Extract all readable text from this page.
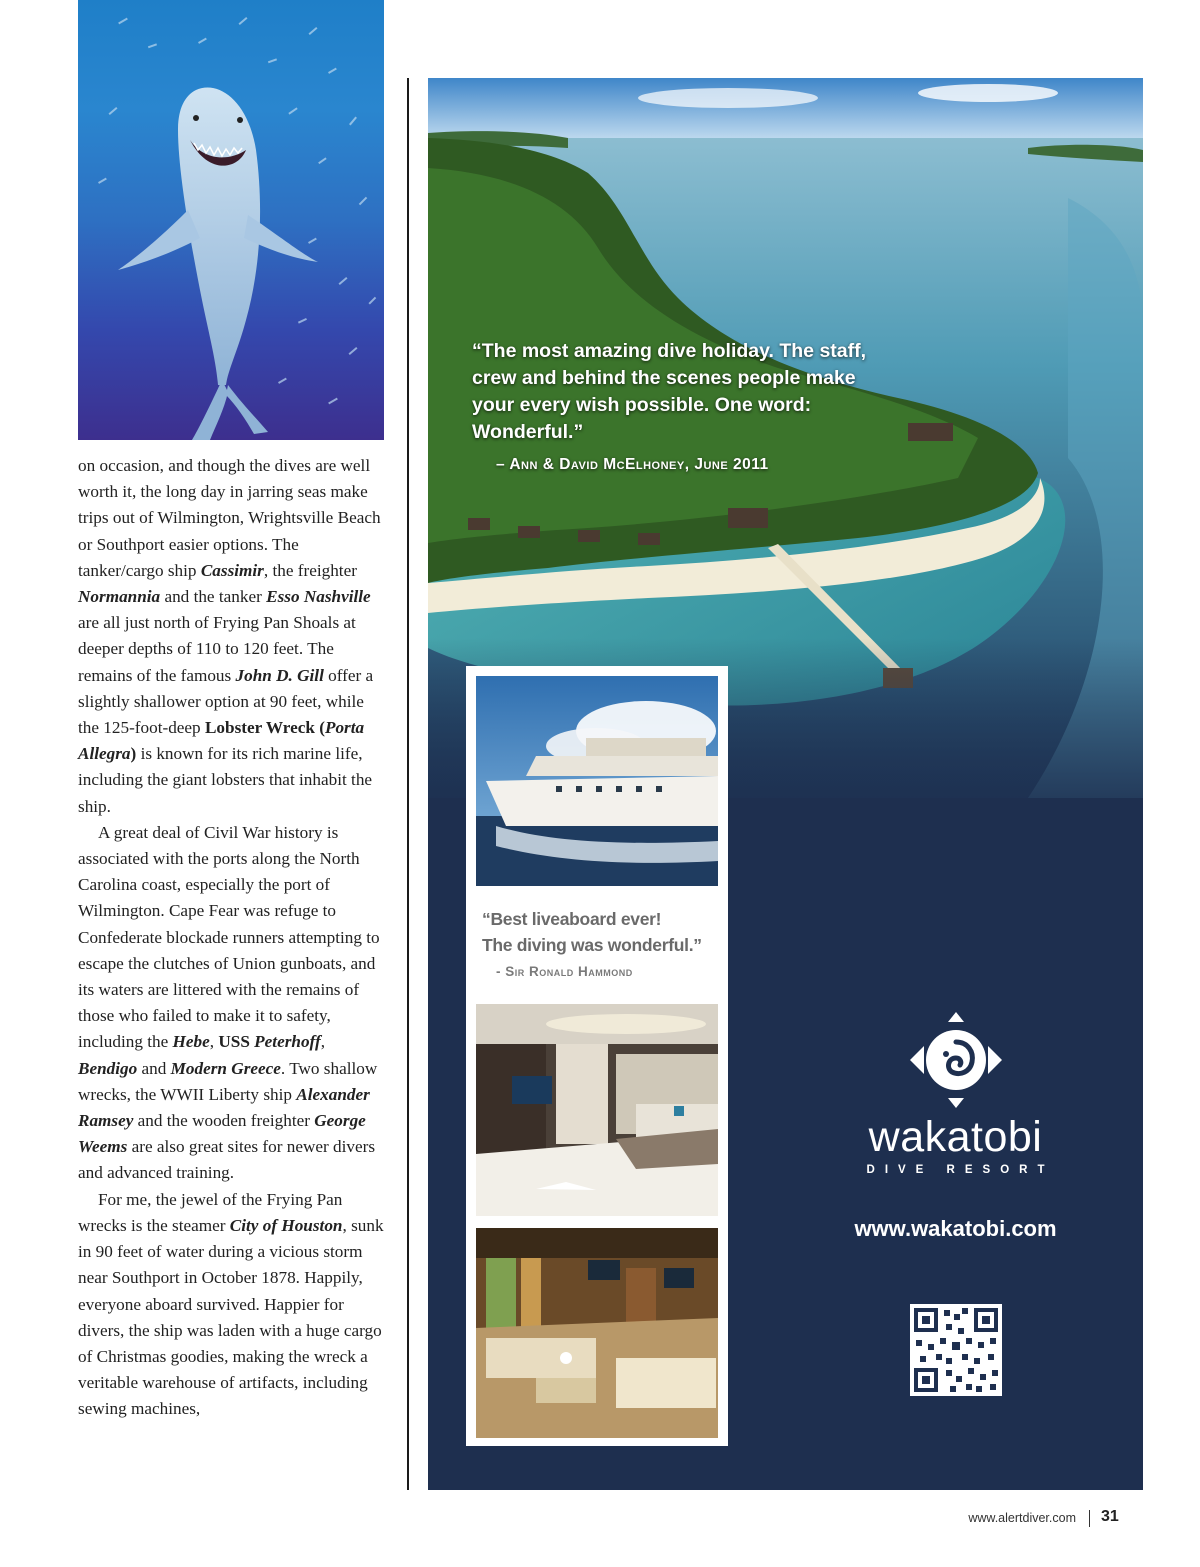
on occasion, and though the dives are well worth it, the long day in jarring seas make trips out of Wilmington, Wrightsville Beach or Southport easier options. The tanker/cargo ship Cassimir, the freighter Normannia and the tanker Esso Nashville are all just north of Frying Pan Shoals at deeper depths of 110 to 120 feet. The remains of the famous John D. Gill offer a slightly shallower option at 90 feet, while the 125-foot-deep Lobster Wreck (Porta Allegra) is known for its rich marine life, including the giant lobsters that inhabit the ship.

A great deal of Civil War history is associated with the ports along the North Carolina coast, especially the port of Wilmington. Cape Fear was refuge to Confederate blockade runners attempting to escape the clutches of Union gunboats, and its waters are littered with the remains of those who failed to make it to safety, including the Hebe, USS Peterhoff, Bendigo and Modern Greece. Two shallow wrecks, the WWII Liberty ship Alexander Ramsey and the wooden freighter George Weems are also great sites for newer divers and advanced training.

For me, the jewel of the Frying Pan wrecks is the steamer City of Houston, sunk in 90 feet of water during a vicious storm near Southport in October 1878. Happily, everyone aboard survived. Happier for divers, the ship was laden with a huge cargo of Christmas goodies, making the wreck a veritable warehouse of artifacts, including sewing machines,

“The most amazing dive holiday. The staff, crew and behind the scenes people make your every wish possible. One word: Wonderful.”
– Ann & David McElhoney, June 2011
“Best liveaboard ever!
The diving was wonderful.”
- Sir Ronald Hammond
wakatobi
DIVE RESORT
www.wakatobi.com
www.alertdiver.com 31
